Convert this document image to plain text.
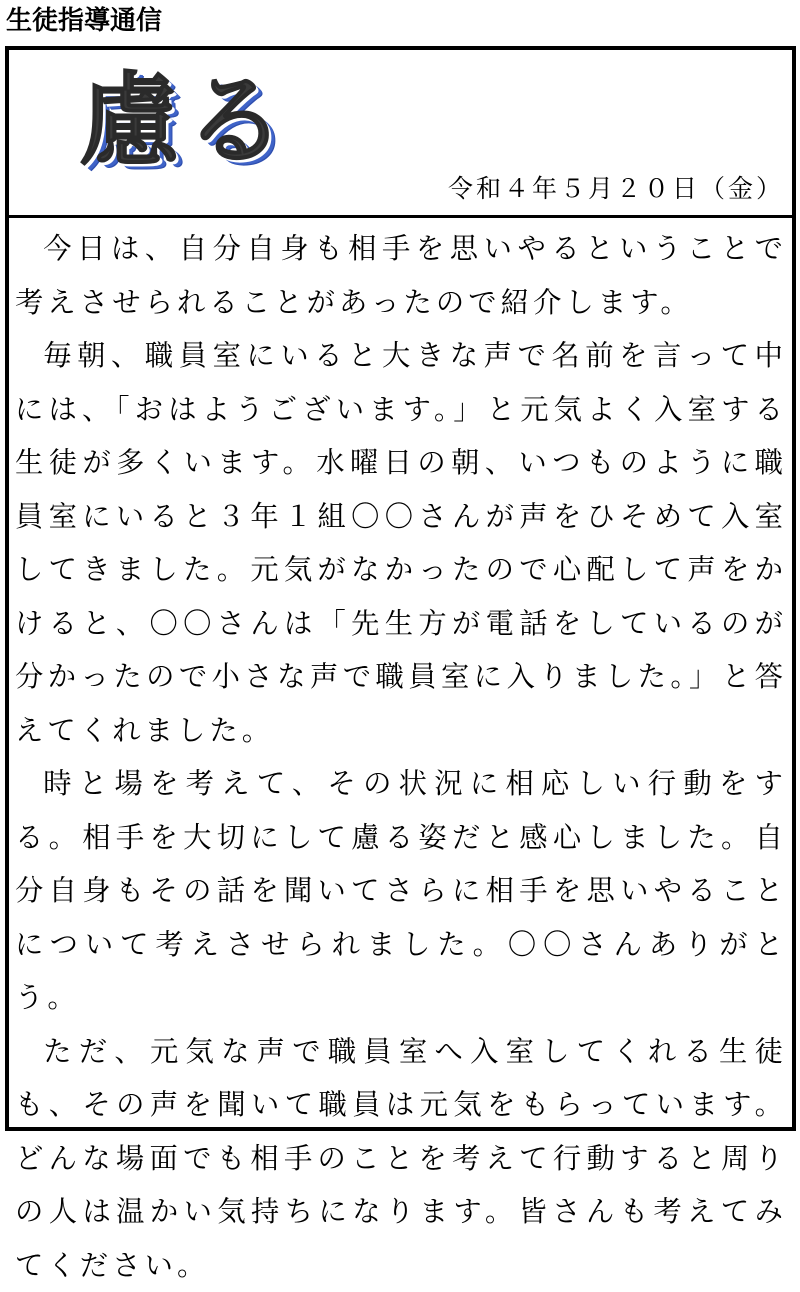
生徒指導通信
慮る
令和４年５月２０日（金）

今日は、自分自身も相手を思いやるということで考えさせられることがあったので紹介します。

毎朝、職員室にいると大きな声で名前を言って中には、「おはようございます。」と元気よく入室する生徒が多くいます。水曜日の朝、いつものように職員室にいると３年１組〇〇さんが声をひそめて入室してきました。元気がなかったので心配して声をかけると、〇〇さんは「先生方が電話をしているのが分かったので小さな声で職員室に入りました。」と答えてくれました。

時と場を考えて、その状況に相応しい行動をする。相手を大切にして慮る姿だと感心しました。自分自身もその話を聞いてさらに相手を思いやることについて考えさせられました。〇〇さんありがとう。

ただ、元気な声で職員室へ入室してくれる生徒も、その声を聞いて職員は元気をもらっています。どんな場面でも相手のことを考えて行動すると周りの人は温かい気持ちになります。皆さんも考えてみてください。
